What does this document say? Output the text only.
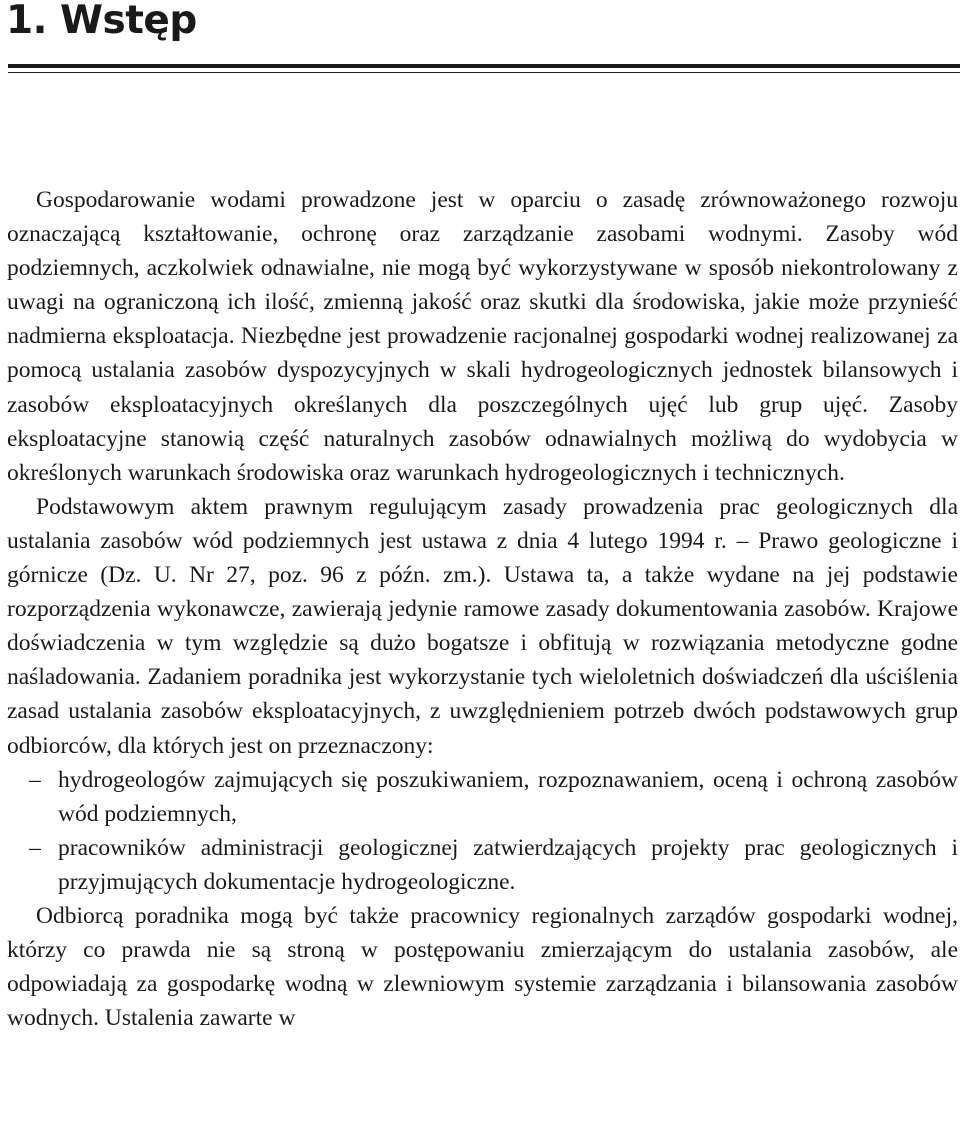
1. Wstęp

Gospodarowanie wodami prowadzone jest w oparciu o zasadę zrównoważonego rozwoju oznaczającą kształtowanie, ochronę oraz zarządzanie zasobami wodnymi. Zasoby wód podziemnych, aczkolwiek odnawialne, nie mogą być wykorzystywane w sposób niekontrolowany z uwagi na ograniczoną ich ilość, zmienną jakość oraz skutki dla środowiska, jakie może przynieść nadmierna eksploatacja. Niezbędne jest prowadzenie racjonalnej gospodarki wodnej realizowanej za pomocą ustalania zasobów dyspozycyjnych w skali hydrogeologicznych jednostek bilansowych i zasobów eksploatacyjnych określanych dla poszczególnych ujęć lub grup ujęć. Zasoby eksploatacyjne stanowią część naturalnych zasobów odnawialnych możliwą do wydobycia w określonych warunkach środowiska oraz warunkach hydrogeologicznych i technicznych.

Podstawowym aktem prawnym regulującym zasady prowadzenia prac geologicznych dla ustalania zasobów wód podziemnych jest ustawa z dnia 4 lutego 1994 r. – Prawo geologiczne i górnicze (Dz. U. Nr 27, poz. 96 z późn. zm.). Ustawa ta, a także wydane na jej podstawie rozporządzenia wykonawcze, zawierają jedynie ramowe zasady dokumentowania zasobów. Krajowe doświadczenia w tym względzie są dużo bogatsze i obfitują w rozwiązania metodyczne godne naśladowania. Zadaniem poradnika jest wykorzystanie tych wieloletnich doświadczeń dla uściślenia zasad ustalania zasobów eksploatacyjnych, z uwzględnieniem potrzeb dwóch podstawowych grup odbiorców, dla których jest on przeznaczony:

– hydrogeologów zajmujących się poszukiwaniem, rozpoznawaniem, oceną i ochroną zasobów wód podziemnych,
– pracowników administracji geologicznej zatwierdzających projekty prac geologicznych i przyjmujących dokumentacje hydrogeologiczne.

Odbiorcą poradnika mogą być także pracownicy regionalnych zarządów gospodarki wodnej, którzy co prawda nie są stroną w postępowaniu zmierzającym do ustalania zasobów, ale odpowiadają za gospodarkę wodną w zlewniowym systemie zarządzania i bilansowania zasobów wodnych. Ustalenia zawarte w
